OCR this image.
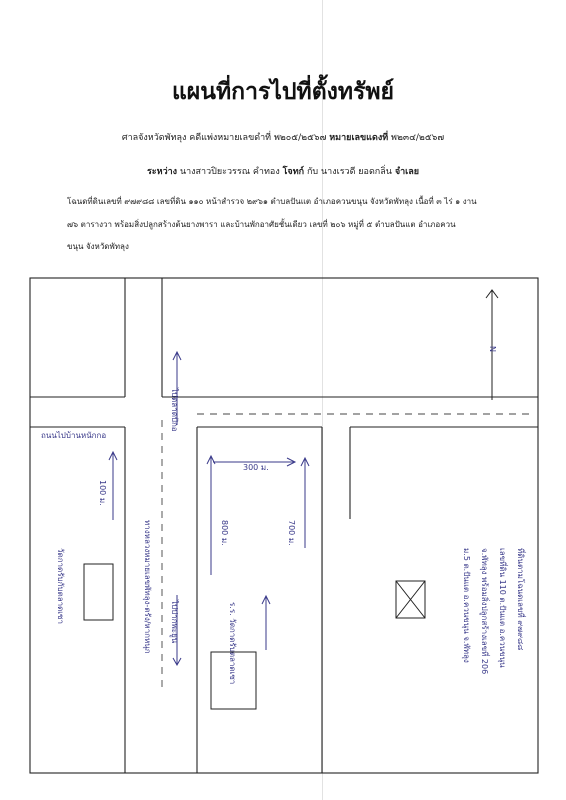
แผนที่การไปที่ตั้งทรัพย์
ศาลจังหวัดพัทลุง คดีแพ่งหมายเลขดำที่ พ๒๐๕/๒๕๖๗ หมายเลขแดงที่ พ๒๓๔/๒๕๖๗
ระหว่าง นางสาวปิยะวรรณ คำทอง โจทก์ กับ นางเรวดี ยอดกลิ่น จำเลย
โฉนดที่ดินเลขที่ ๙๗๙๘๘ เลขที่ดิน ๑๑๐ หน้าสำรวจ ๒๙๖๑ ตำบลปันแต อำเภอควนขนุน จังหวัดพัทลุง เนื้อที่ ๓ ไร่ ๑ งาน
๗๖ ตารางวา พร้อมสิ่งปลูกสร้างต้นยางพารา และบ้านพักอาศัยชั้นเดียว เลขที่ ๒๐๖ หมู่ที่ ๕ ตำบลปันแต อำเภอควน
ขนุน จังหวัดพัทลุง
N
ถนนไปบ้านหนักกอ
ไปตลาดปักอ
100 ม.
800 ม.
300 ม.
700 ม.
ทางหลวงหมายเลขพัทลุง-ตรัง/หากหนุก ไปปากพะยูน
วัดกาดรับกับตลาดเซา
ร.ร. วัดกาดรับตลาดเซา	ที่ดินตามโฉนดเลขที่ ๙๗๙๘๘
เลขที่ดิน 110 ต.ปันแต อ.ควนขนุน
จ.พัทลุง พร้อมสิ่งปลูกสร้างเลขที่ 206
ม.5 ต.ปันแต อ.ควนขนุน จ.พัทลุง
